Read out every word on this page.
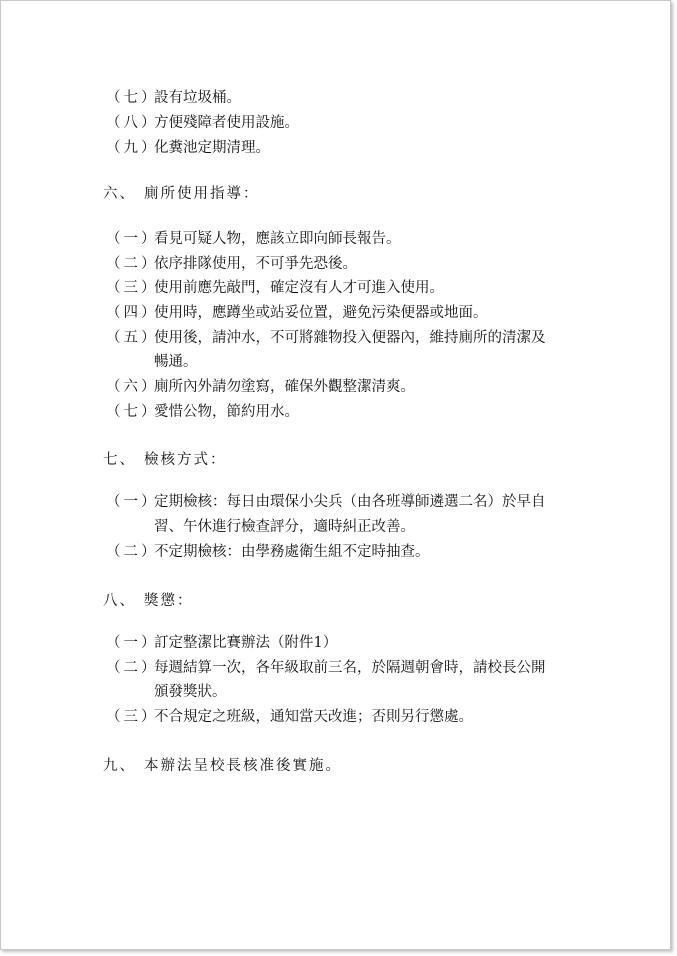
（七）
設有垃圾桶。
（八）
方便殘障者使用設施。
（九）
化糞池定期清理。
六、 廁所使用指導：
（一）
看見可疑人物，應該立即向師長報告。
（二）
依序排隊使用，不可爭先恐後。
（三）
使用前應先敲門，確定沒有人才可進入使用。
（四）
使用時，應蹲坐或站妥位置，避免污染便器或地面。
（五）
使用後，請沖水，不可將雜物投入便器內，維持廁所的清潔及
暢通。
（六）
廁所內外請勿塗寫，確保外觀整潔清爽。
（七）
愛惜公物，節約用水。
七、 檢核方式：
（一）
定期檢核：每日由環保小尖兵（由各班導師遴選二名）於早自
習、午休進行檢查評分，適時糾正改善。
（二）
不定期檢核：由學務處衛生組不定時抽查。
八、 獎懲：
（一）
訂定整潔比賽辦法（附件1）
（二）
每週結算一次，各年級取前三名，於隔週朝會時，請校長公開
頒發獎狀。
（三）
不合規定之班級，通知當天改進；否則另行懲處。
九、 本辦法呈校長核准後實施。
